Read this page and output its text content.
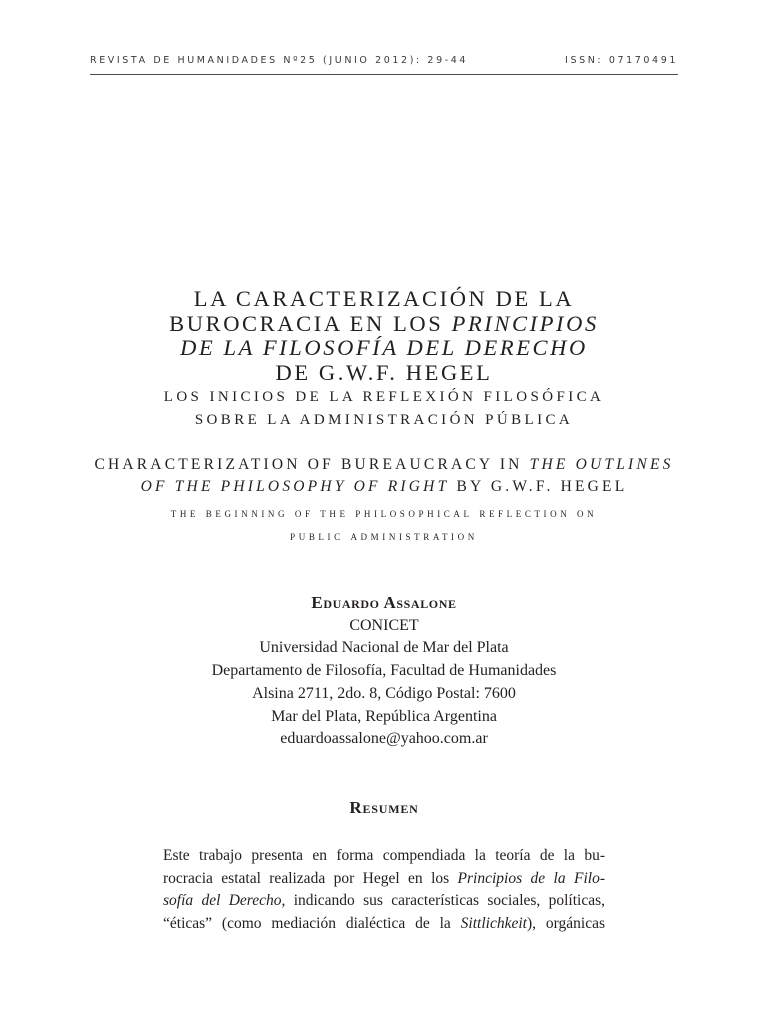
REVISTA DE HUMANIDADES Nº25 (JUNIO 2012): 29-44	ISSN: 07170491
LA CARACTERIZACIÓN DE LA
BUROCRACIA EN LOS PRINCIPIOS
DE LA FILOSOFÍA DEL DERECHO
DE G.W.F. HEGEL
LOS INICIOS DE LA REFLEXIÓN FILOSÓFICA
SOBRE LA ADMINISTRACIÓN PÚBLICA
CHARACTERIZATION OF BUREAUCRACY IN THE OUTLINES
OF THE PHILOSOPHY OF RIGHT BY G.W.F. HEGEL
the beginning of the philosophical reflection on
public administration
Eduardo Assalone
CONICET
Universidad Nacional de Mar del Plata
Departamento de Filosofía, Facultad de Humanidades
Alsina 2711, 2do. 8, Código Postal: 7600
Mar del Plata, República Argentina
eduardoassalone@yahoo.com.ar
Resumen
Este trabajo presenta en forma compendiada la teoría de la bu-
rocracia estatal realizada por Hegel en los Principios de la Filo-
sofía del Derecho, indicando sus características sociales, políticas,
“éticas” (como mediación dialéctica de la Sittlichkeit), orgánicas
